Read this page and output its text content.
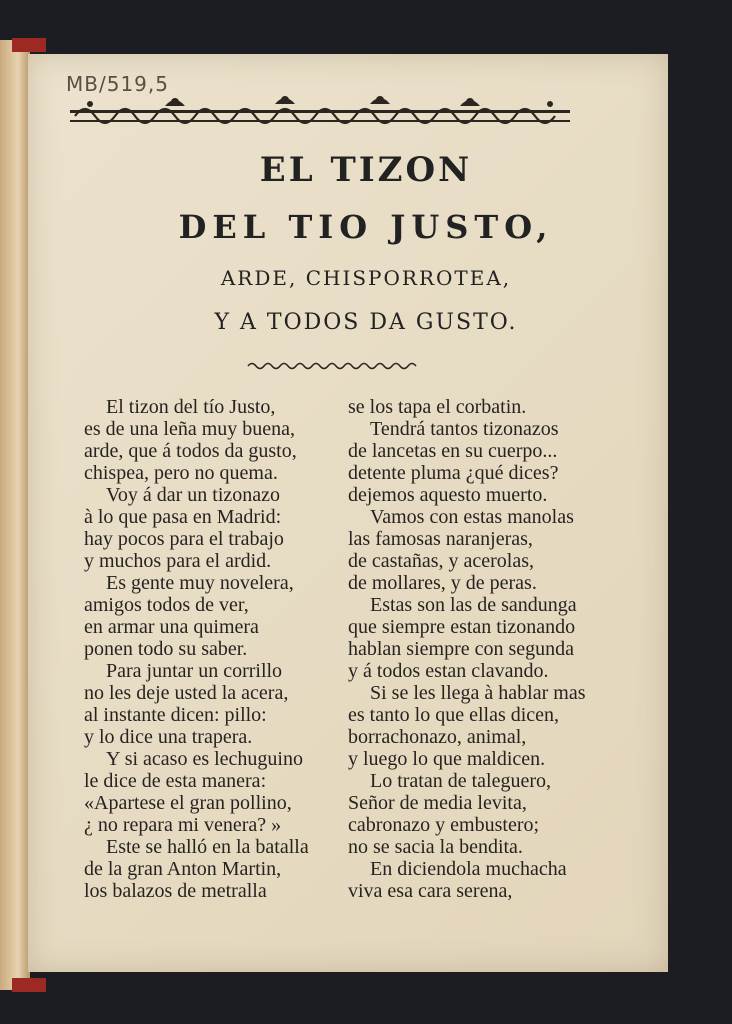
MB/519,5
EL TIZON
DEL TIO JUSTO,
ARDE, CHISPORROTEA,
Y A TODOS DA GUSTO.
El tizon del tío Justo,
es de una leña muy buena,
arde, que á todos da gusto,
chispea, pero no quema.
Voy á dar un tizonazo
à lo que pasa en Madrid:
hay pocos para el trabajo
y muchos para el ardid.
Es gente muy novelera,
amigos todos de ver,
en armar una quimera
ponen todo su saber.
Para juntar un corrillo
no les deje usted la acera,
al instante dicen: pillo:
y lo dice una trapera.
Y si acaso es lechuguino
le dice de esta manera:
«Apartese el gran pollino,
¿ no repara mi venera? »
Este se halló en la batalla
de la gran Anton Martin,
los balazos de metralla
se los tapa el corbatin.
Tendrá tantos tizonazos
de lancetas en su cuerpo...
detente pluma ¿qué dices?
dejemos aquesto muerto.
Vamos con estas manolas
las famosas naranjeras,
de castañas, y acerolas,
de mollares, y de peras.
Estas son las de sandunga
que siempre estan tizonando
hablan siempre con segunda
y á todos estan clavando.
Si se les llega à hablar mas
es tanto lo que ellas dicen,
borrachonazo, animal,
y luego lo que maldicen.
Lo tratan de taleguero,
Señor de media levita,
cabronazo y embustero;
no se sacia la bendita.
En diciendola muchacha
viva esa cara serena,
